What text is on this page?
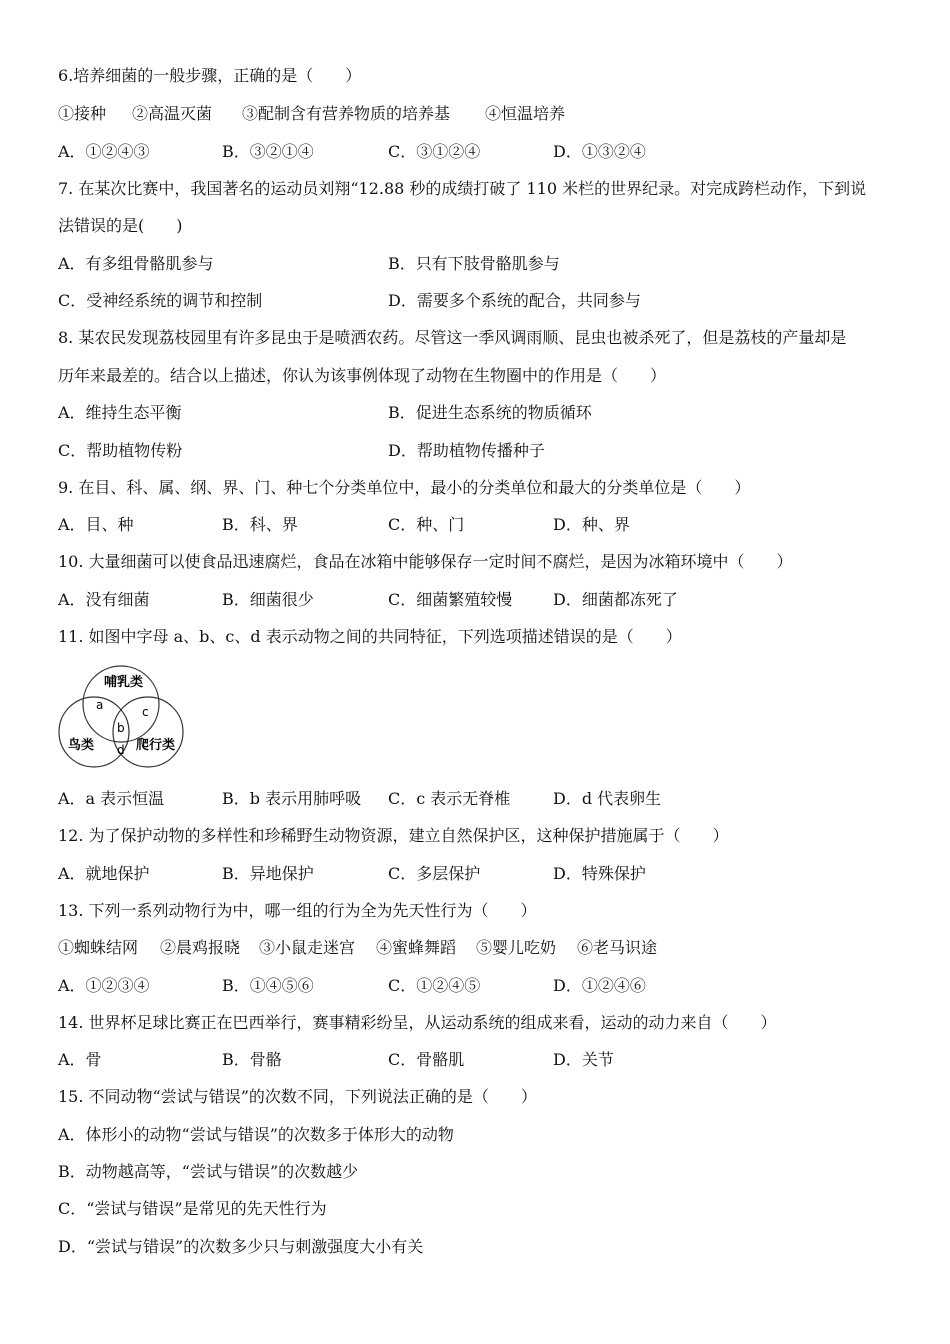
6.培养细菌的一般步骤，正确的是（　　）
①接种 ②高温灭菌 ③配制含有营养物质的培养基 ④恒温培养
A．①②④③	B．③②①④	C．③①②④	D．①③②④
7. 在某次比赛中，我国著名的运动员刘翔“12.88 秒的成绩打破了 110 米栏的世界纪录。对完成跨栏动作，下到说
法错误的是(　　)
A．有多组骨骼肌参与	B．只有下肢骨骼肌参与
C．受神经系统的调节和控制	D．需要多个系统的配合，共同参与
8. 某农民发现荔枝园里有许多昆虫于是喷洒农药。尽管这一季风调雨顺、昆虫也被杀死了，但是荔枝的产量却是
历年来最差的。结合以上描述，你认为该事例体现了动物在生物圈中的作用是（　　）
A．维持生态平衡	B．促进生态系统的物质循环
C．帮助植物传粉	D．帮助植物传播种子
9. 在目、科、属、纲、界、门、种七个分类单位中，最小的分类单位和最大的分类单位是（　　）
A．目、种	B．科、界	C．种、门	D．种、界
10. 大量细菌可以使食品迅速腐烂，食品在冰箱中能够保存一定时间不腐烂，是因为冰箱环境中（　　）
A．没有细菌	B．细菌很少	C．细菌繁殖较慢	D．细菌都冻死了
11. 如图中字母 a、b、c、d 表示动物之间的共同特征，下列选项描述错误的是（　　）
哺乳类
鸟类	爬行类
a
b
c
d
A．a 表示恒温	B．b 表示用肺呼吸 C．c 表示无脊椎	D．d 代表卵生
12. 为了保护动物的多样性和珍稀野生动物资源，建立自然保护区，这种保护措施属于（　　）
A．就地保护	B．异地保护	C．多层保护	D．特殊保护
13. 下列一系列动物行为中，哪一组的行为全为先天性行为（　　）
①蜘蛛结网 ②晨鸡报晓 ③小鼠走迷宫 ④蜜蜂舞蹈 ⑤婴儿吃奶 ⑥老马识途
A．①②③④	B．①④⑤⑥	C．①②④⑤	D．①②④⑥
14. 世界杯足球比赛正在巴西举行，赛事精彩纷呈，从运动系统的组成来看，运动的动力来自（　　）
A．骨	B．骨骼	C．骨骼肌	D．关节
15. 不同动物“尝试与错误”的次数不同，下列说法正确的是（　　）
A．体形小的动物“尝试与错误”的次数多于体形大的动物
B．动物越高等，“尝试与错误”的次数越少
C．“尝试与错误”是常见的先天性行为
D．“尝试与错误”的次数多少只与刺激强度大小有关
